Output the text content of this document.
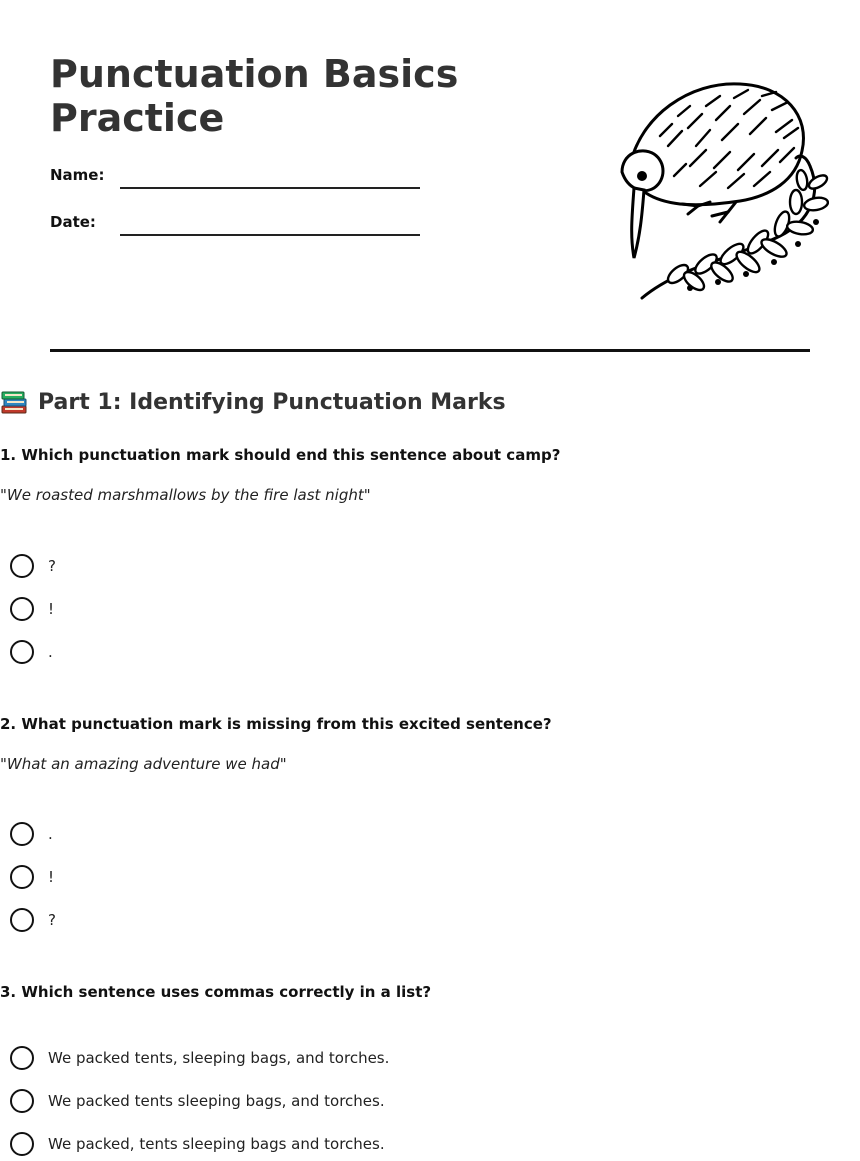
Punctuation Basics
Practice
Name:
Date:
Part 1: Identifying Punctuation Marks
1. Which punctuation mark should end this sentence about camp?
"We roasted marshmallows by the fire last night"
?
!
.
2. What punctuation mark is missing from this excited sentence?
"What an amazing adventure we had"
.
!
?
3. Which sentence uses commas correctly in a list?
We packed tents, sleeping bags, and torches.
We packed tents sleeping bags, and torches.
We packed, tents sleeping bags and torches.
